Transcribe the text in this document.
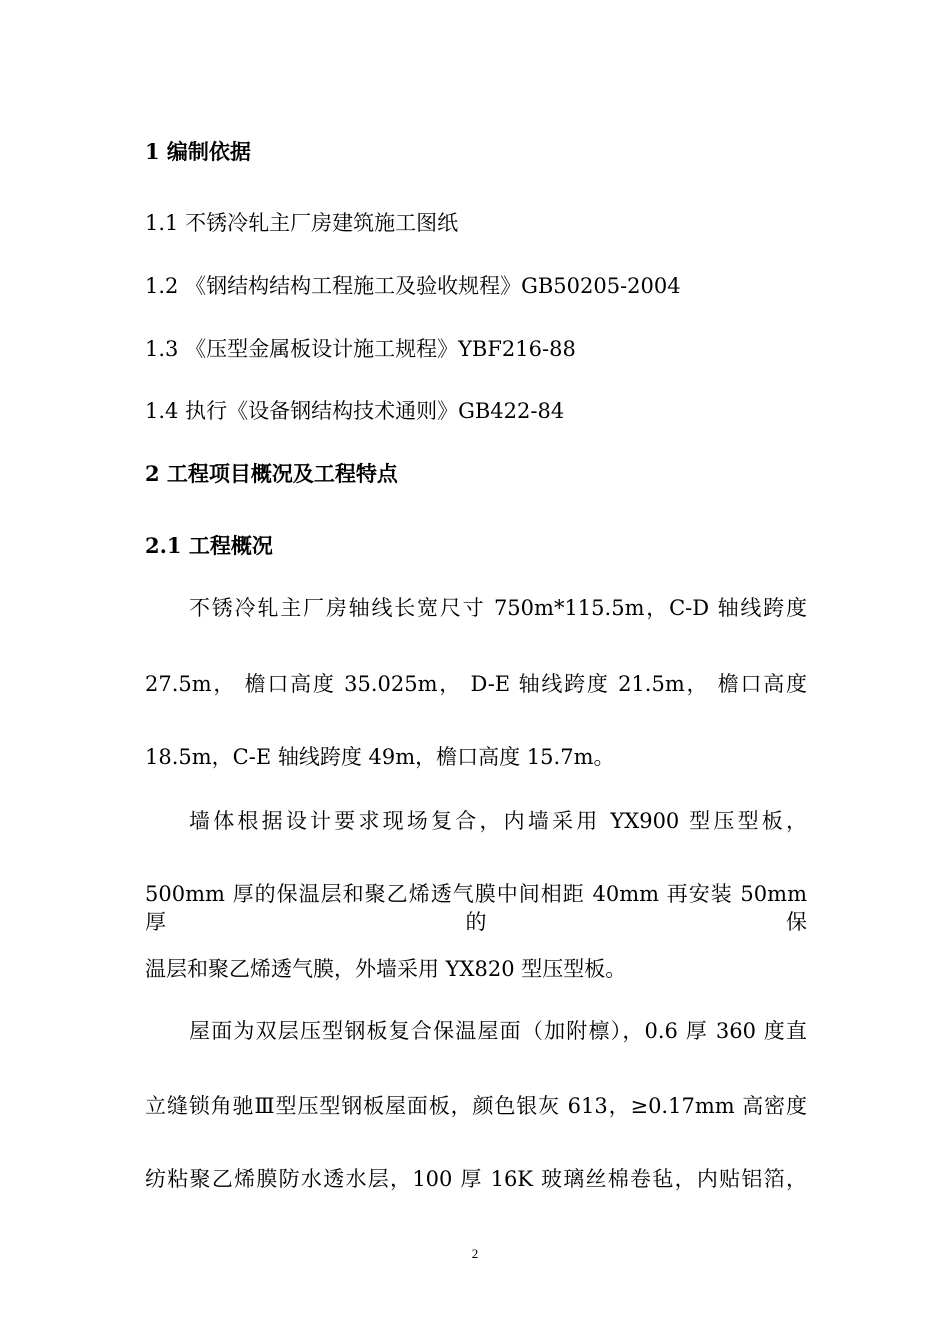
1 编制依据
1.1 不锈冷轧主厂房建筑施工图纸
1.2 《钢结构结构工程施工及验收规程》GB50205-2004
1.3 《压型金属板设计施工规程》YBF216-88
1.4 执行《设备钢结构技术通则》GB422-84
2 工程项目概况及工程特点
2.1 工程概况
不锈冷轧主厂房轴线长宽尺寸 750m*115.5m，C-D 轴线跨度
27.5m， 檐口高度 35.025m， D-E 轴线跨度 21.5m， 檐口高度
18.5m，C-E 轴线跨度 49m，檐口高度 15.7m。
墙体根据设计要求现场复合，内墙采用 YX900 型压型板，
500mm 厚的保温层和聚乙烯透气膜中间相距 40mm 再安装 50mm 厚的保
温层和聚乙烯透气膜，外墙采用 YX820 型压型板。
屋面为双层压型钢板复合保温屋面（加附檩），0.6 厚 360 度直
立缝锁角驰Ⅲ型压型钢板屋面板，颜色银灰 613，≥0.17mm 高密度
纺粘聚乙烯膜防水透水层，100 厚 16K 玻璃丝棉卷毡，内贴铝箔，
2
